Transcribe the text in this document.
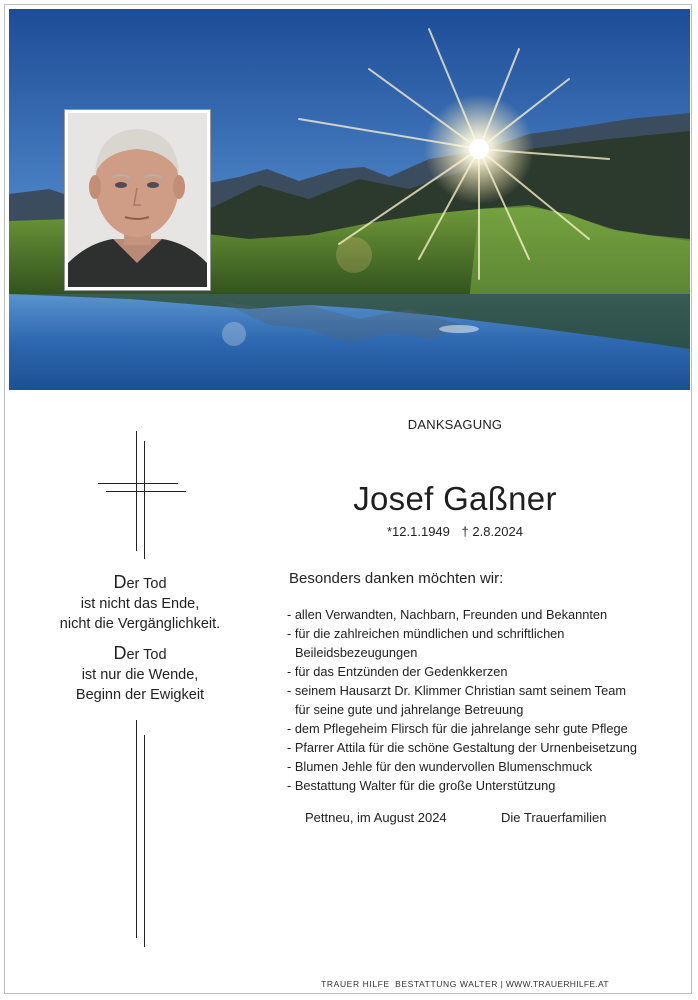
Der Tod
ist nicht das Ende,
nicht die Vergänglichkeit.
Der Tod
ist nur die Wende,
Beginn der Ewigkeit
DANKSAGUNG
Josef Gaßner
*12.1.1949 † 2.8.2024
Besonders danken möchten wir:
- allen Verwandten, Nachbarn, Freunden und Bekannten
- für die zahlreichen mündlichen und schriftlichen
Beileidsbezeugungen
- für das Entzünden der Gedenkkerzen
- seinem Hausarzt Dr. Klimmer Christian samt seinem Team
für seine gute und jahrelange Betreuung
- dem Pflegeheim Flirsch für die jahrelange sehr gute Pflege
- Pfarrer Attila für die schöne Gestaltung der Urnenbeisetzung
- Blumen Jehle für den wundervollen Blumenschmuck
- Bestattung Walter für die große Unterstützung
Pettneu, im August 2024	Die Trauerfamilien
TRAUER HILFE BESTATTUNG WALTER | WWW.TRAUERHILFE.AT
